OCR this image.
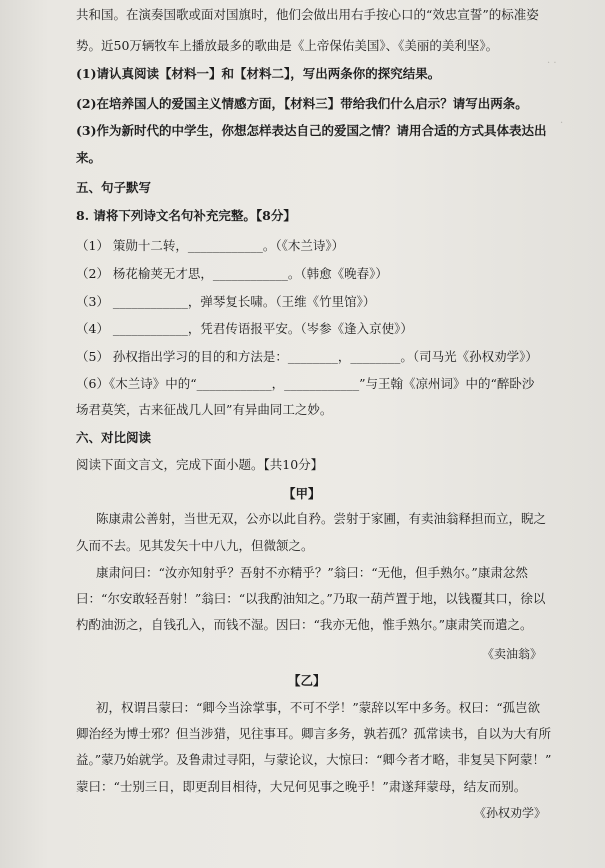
· ·
·
共和国。在演奏国歌或面对国旗时，他们会做出用右手按心口的“效忠宣誓”的标准姿
势。近50万辆牧车上播放最多的歌曲是《上帝保佑美国》、《美丽的美利坚》。
(1)请认真阅读【材料一】和【材料二】，写出两条你的探究结果。
(2)在培养国人的爱国主义情感方面，【材料三】带给我们什么启示？请写出两条。
(3)作为新时代的中学生，你想怎样表达自己的爱国之情？请用合适的方式具体表达出
来。
五、句子默写
8. 请将下列诗文名句补充完整。【8分】
（1） 策勋十二转，____________。（《木兰诗》）
（2） 杨花榆荚无才思，____________。（韩愈《晚春》）
（3） ____________，弹琴复长啸。（王维《竹里馆》）
（4） ____________，凭君传语报平安。（岑参《逢入京使》）
（5） 孙权指出学习的目的和方法是：________，________。（司马光《孙权劝学》）
（6）《木兰诗》中的“____________，____________”与王翰《凉州词》中的“醉卧沙
场君莫笑，古来征战几人回”有异曲同工之妙。
六、对比阅读
阅读下面文言文，完成下面小题。【共10分】
【甲】
陈康肃公善射，当世无双，公亦以此自矜。尝射于家圃，有卖油翁释担而立，睨之
久而不去。见其发矢十中八九，但微颔之。
康肃问曰：“汝亦知射乎？吾射不亦精乎？”翁曰：“无他，但手熟尔。”康肃忿然
曰：“尔安敢轻吾射！”翁曰：“以我酌油知之。”乃取一葫芦置于地，以钱覆其口，徐以
杓酌油沥之，自钱孔入，而钱不湿。因曰：“我亦无他，惟手熟尔。”康肃笑而遣之。
《卖油翁》
【乙】
初，权谓吕蒙曰：“卿今当涂掌事，不可不学！”蒙辞以军中多务。权曰：“孤岂欲
卿治经为博士邪？但当涉猎，见往事耳。卿言多务，孰若孤？孤常读书，自以为大有所
益。”蒙乃始就学。及鲁肃过寻阳，与蒙论议，大惊曰：“卿今者才略，非复吴下阿蒙！”
蒙曰：“士别三日，即更刮目相待，大兄何见事之晚乎！”肃遂拜蒙母，结友而别。
《孙权劝学》
